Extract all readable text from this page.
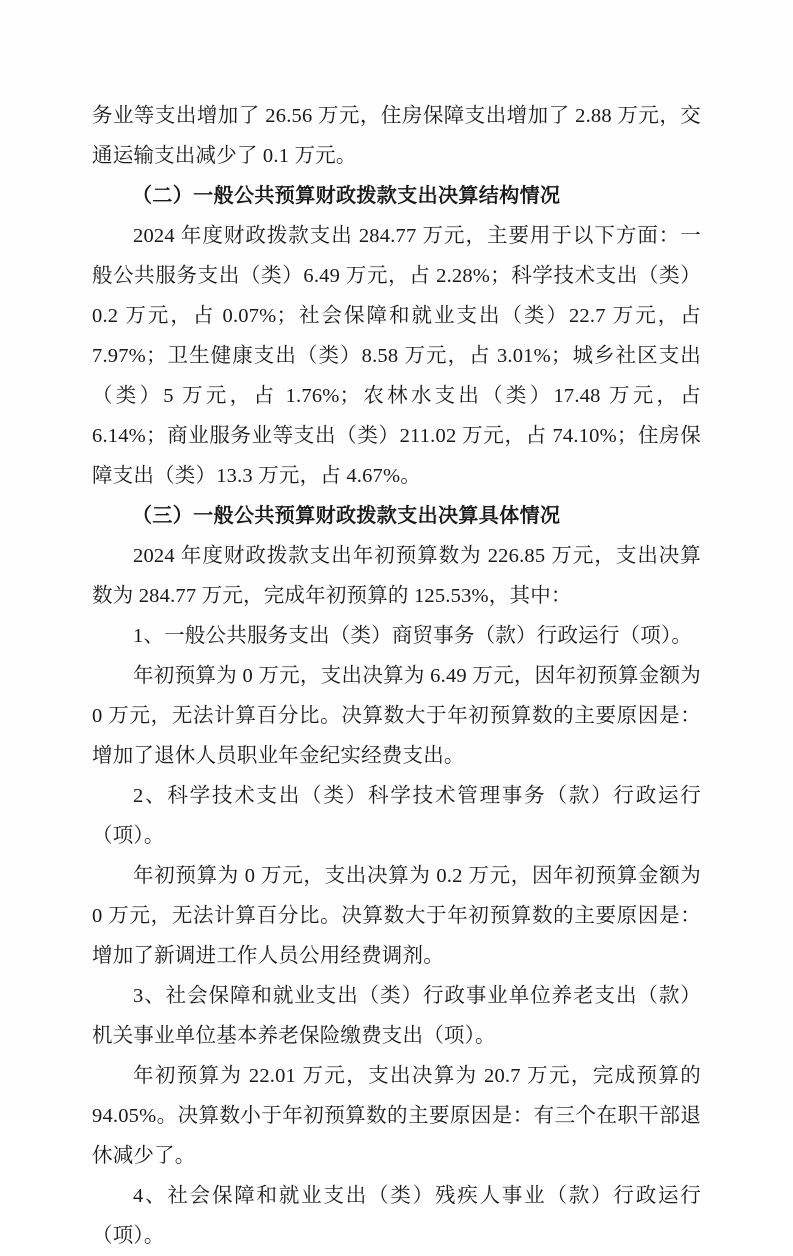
务业等支出增加了 26.56 万元，住房保障支出增加了 2.88 万元，交通运输支出减少了 0.1 万元。

（二）一般公共预算财政拨款支出决算结构情况

2024 年度财政拨款支出 284.77 万元，主要用于以下方面：一般公共服务支出（类）6.49 万元，占 2.28%；科学技术支出（类）0.2 万元，占 0.07%；社会保障和就业支出（类）22.7 万元，占 7.97%；卫生健康支出（类）8.58 万元，占 3.01%；城乡社区支出（类）5 万元，占 1.76%；农林水支出（类）17.48 万元，占 6.14%；商业服务业等支出（类）211.02 万元，占 74.10%；住房保障支出（类）13.3 万元，占 4.67%。

（三）一般公共预算财政拨款支出决算具体情况

2024 年度财政拨款支出年初预算数为 226.85 万元，支出决算数为 284.77 万元，完成年初预算的 125.53%，其中：

1、一般公共服务支出（类）商贸事务（款）行政运行（项）。

年初预算为 0 万元，支出决算为 6.49 万元，因年初预算金额为 0 万元，无法计算百分比。决算数大于年初预算数的主要原因是：增加了退休人员职业年金纪实经费支出。

2、科学技术支出（类）科学技术管理事务（款）行政运行（项）。

年初预算为 0 万元，支出决算为 0.2 万元，因年初预算金额为 0 万元，无法计算百分比。决算数大于年初预算数的主要原因是：增加了新调进工作人员公用经费调剂。

3、社会保障和就业支出（类）行政事业单位养老支出（款）机关事业单位基本养老保险缴费支出（项）。

年初预算为 22.01 万元，支出决算为 20.7 万元，完成预算的 94.05%。决算数小于年初预算数的主要原因是：有三个在职干部退休减少了。

4、社会保障和就业支出（类）残疾人事业（款）行政运行（项）。
